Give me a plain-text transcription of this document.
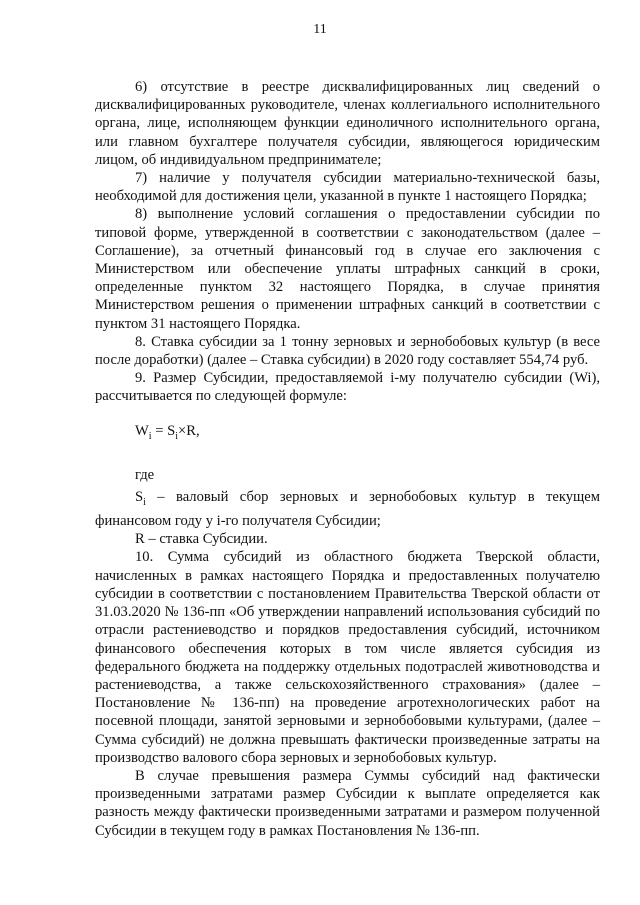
11

6) отсутствие в реестре дисквалифицированных лиц сведений о дисквалифицированных руководителе, членах коллегиального исполнительного органа, лице, исполняющем функции единоличного исполнительного органа, или главном бухгалтере получателя субсидии, являющегося юридическим лицом, об индивидуальном предпринимателе;

7) наличие у получателя субсидии материально-технической базы, необходимой для достижения цели, указанной в пункте 1 настоящего Порядка;

8) выполнение условий соглашения о предоставлении субсидии по типовой форме, утвержденной в соответствии с законодательством (далее – Соглашение), за отчетный финансовый год в случае его заключения с Министерством или обеспечение уплаты штрафных санкций в сроки, определенные пунктом 32 настоящего Порядка, в случае принятия Министерством решения о применении штрафных санкций в соответствии с пунктом 31 настоящего Порядка.

8. Ставка субсидии за 1 тонну зерновых и зернобобовых культур (в весе после доработки) (далее – Ставка субсидии) в 2020 году составляет 554,74 руб.

9. Размер Субсидии, предоставляемой i-му получателю субсидии (Wi), рассчитывается по следующей формуле:

$W_i = S_i\times R$,
где
$S_i$ – валовый сбор зерновых и зернобобовых культур в текущем финансовом году у i-го получателя Субсидии;
R – ставка Субсидии.

10. Сумма субсидий из областного бюджета Тверской области, начисленных в рамках настоящего Порядка и предоставленных получателю субсидии в соответствии с постановлением Правительства Тверской области от 31.03.2020 № 136-пп «Об утверждении направлений использования субсидий по отрасли растениеводство и порядков предоставления субсидий, источником финансового обеспечения которых в том числе является субсидия из федерального бюджета на поддержку отдельных подотраслей животноводства и растениеводства, а также сельскохозяйственного страхования» (далее – Постановление № 136-пп) на проведение агротехнологических работ на посевной площади, занятой зерновыми и зернобобовыми культурами, (далее – Сумма субсидий) не должна превышать фактически произведенные затраты на производство валового сбора зерновых и зернобобовых культур.

В случае превышения размера Суммы субсидий над фактически произведенными затратами размер Субсидии к выплате определяется как разность между фактически произведенными затратами и размером полученной Субсидии в текущем году в рамках Постановления № 136-пп.
